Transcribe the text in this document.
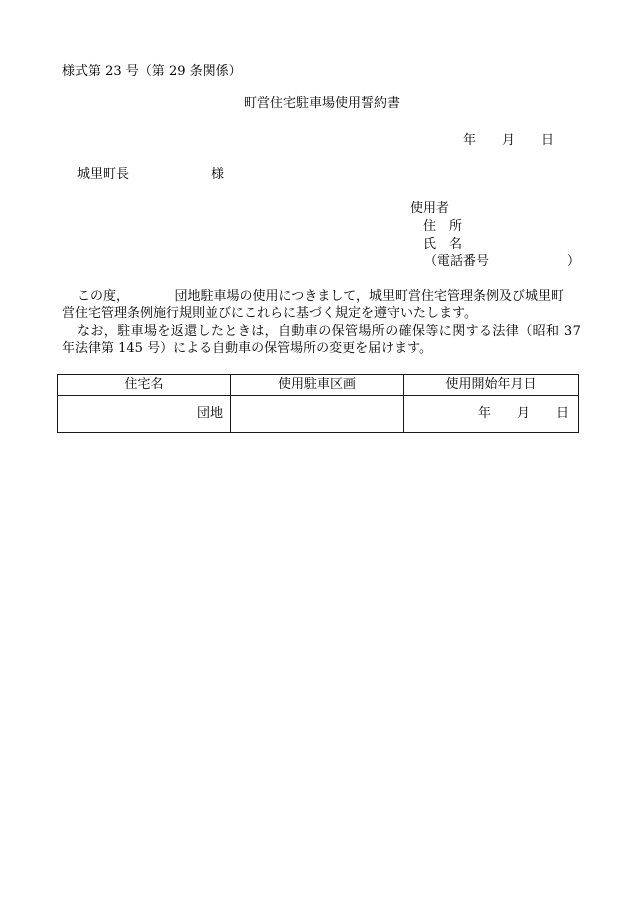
様式第 23 号（第 29 条関係）
町営住宅駐車場使用誓約書
年　　月　　日
城里町長	様
使用者
住　所
氏　名
（電話番号　　　　　　）
この度，　　　　団地駐車場の使用につきまして，城里町営住宅管理条例及び城里町
営住宅管理条例施行規則並びにこれらに基づく規定を遵守いたします。
なお，駐車場を返還したときは，自動車の保管場所の確保等に関する法律（昭和 37
年法律第 145 号）による自動車の保管場所の変更を届けます。
住宅名	使用駐車区画	使用開始年月日
団地		年　　月　　日
